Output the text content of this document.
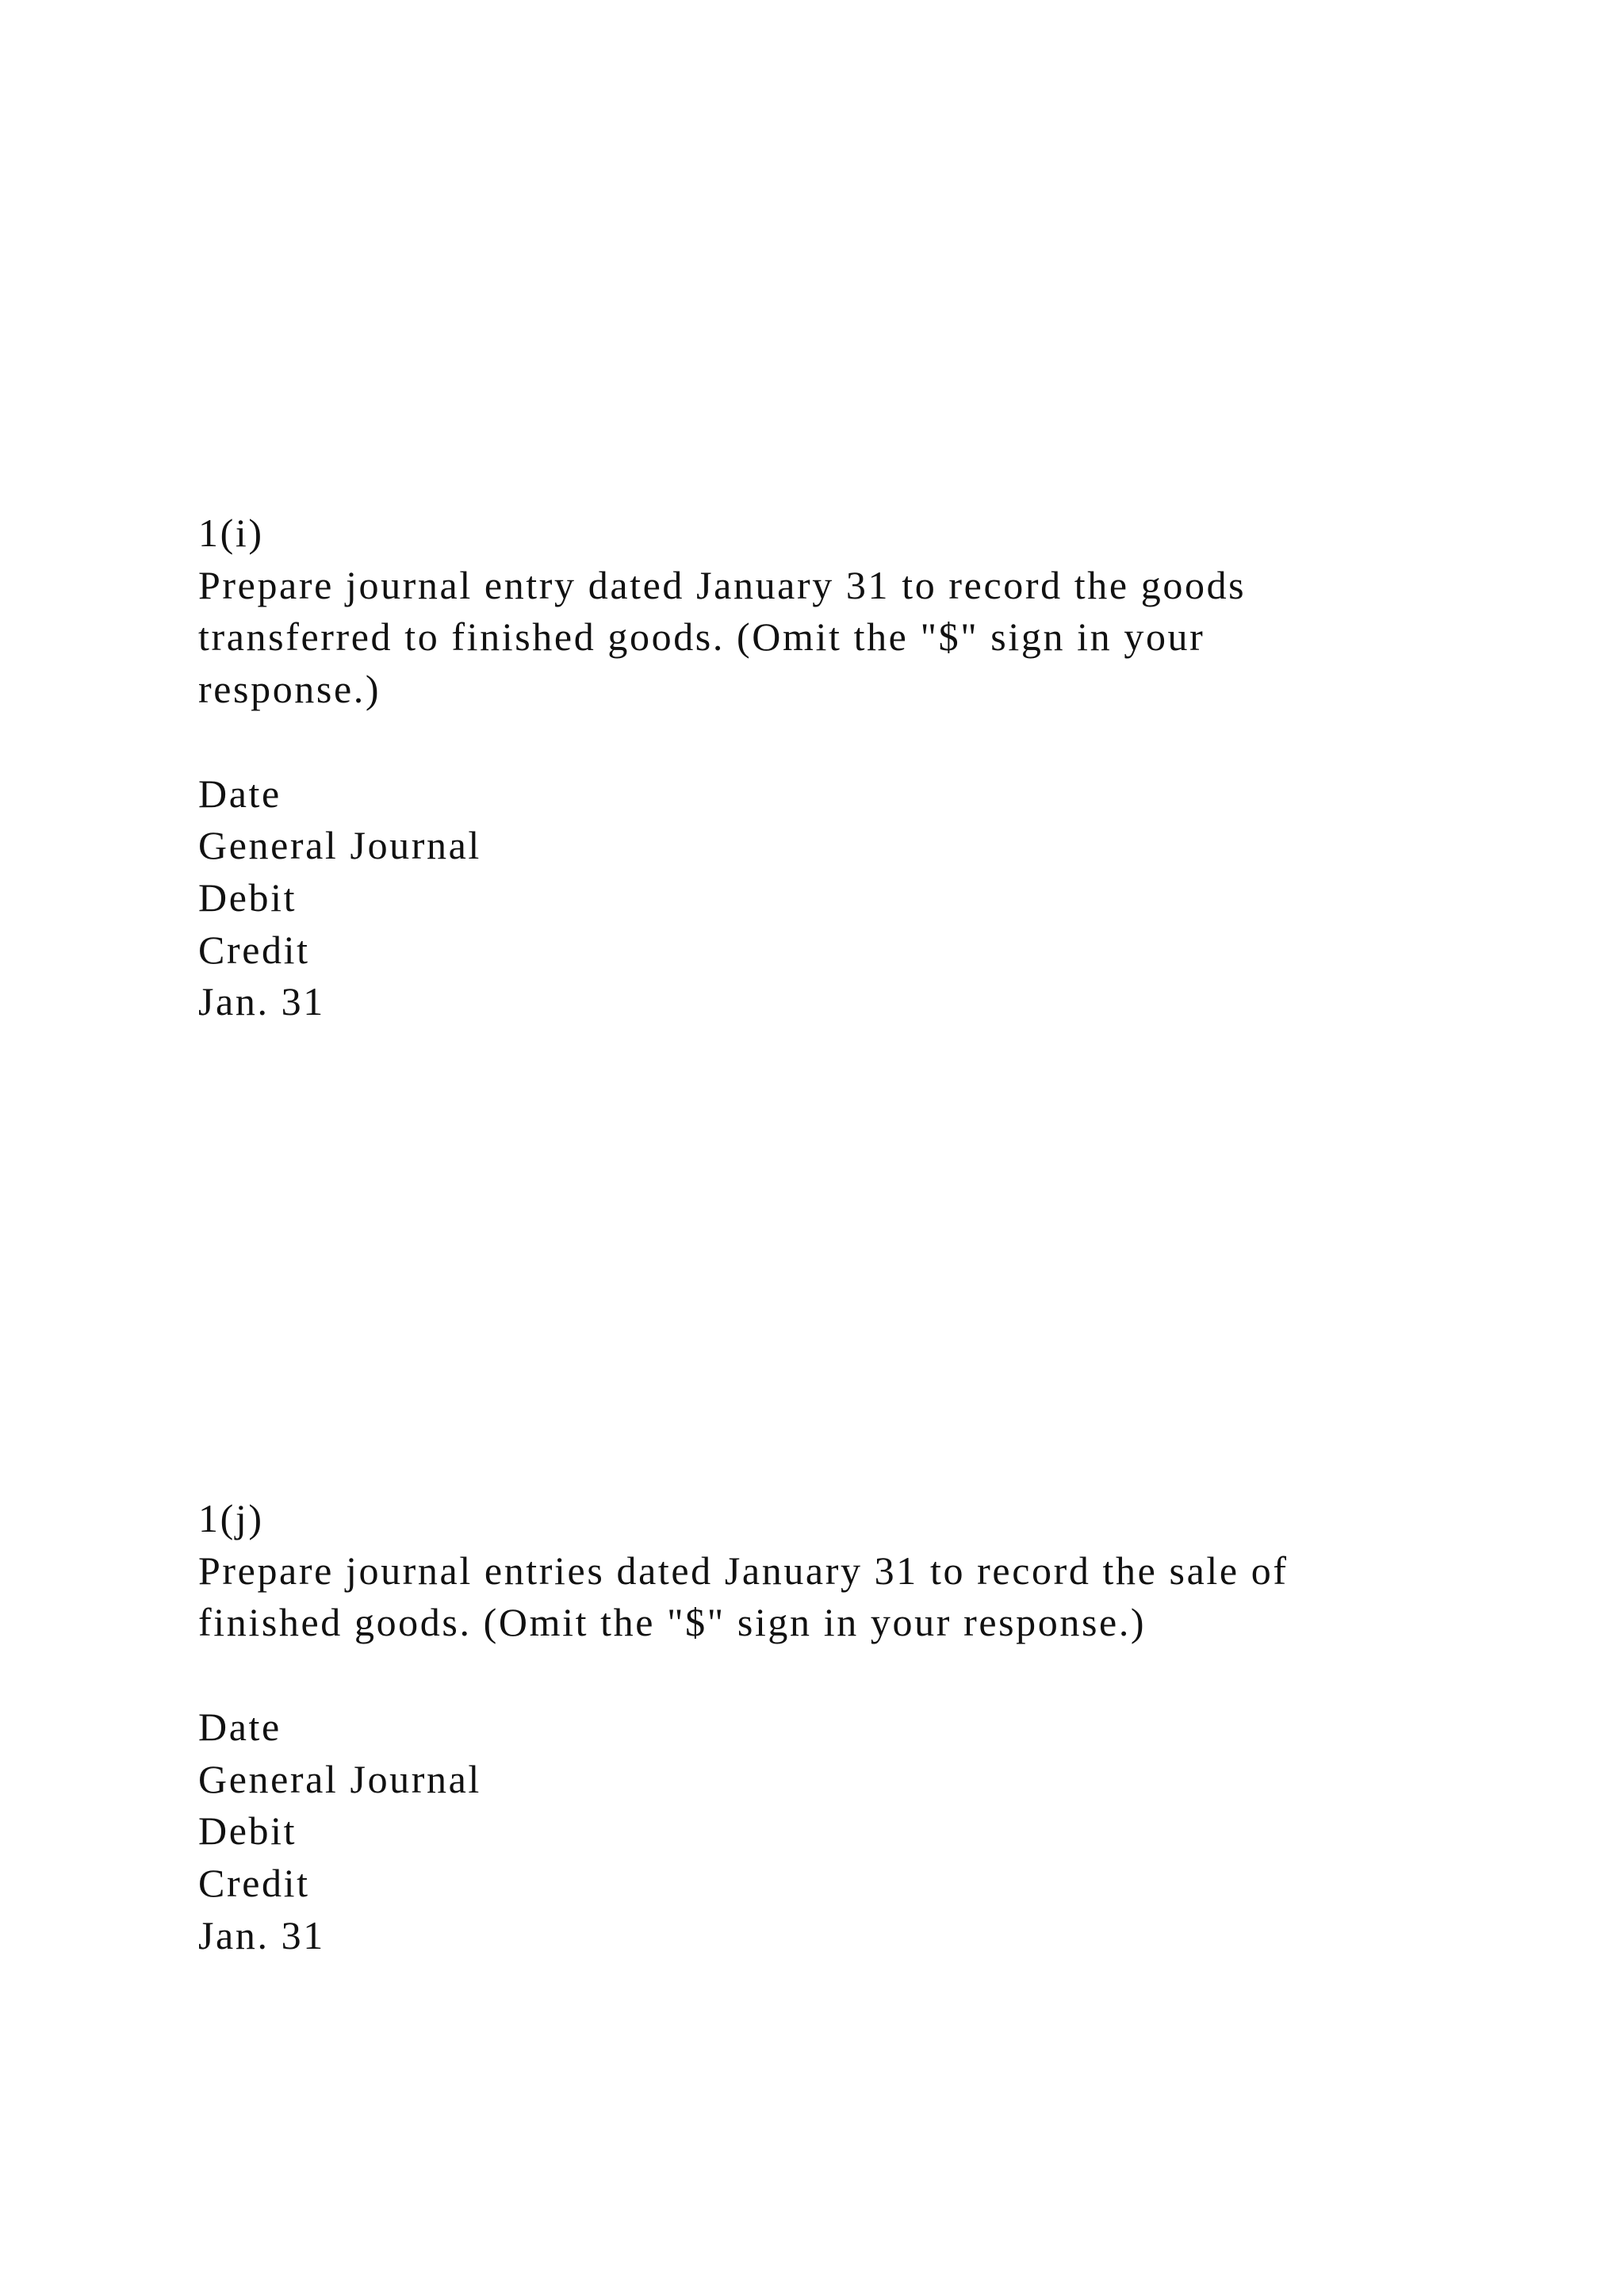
1(i)

Prepare journal entry dated January 31 to record the goods

transferred to finished goods. (Omit the "$" sign in your

response.)

Date

General Journal

Debit

Credit

Jan. 31

1(j)

Prepare journal entries dated January 31 to record the sale of

finished goods. (Omit the "$" sign in your response.)

Date

General Journal

Debit

Credit

Jan. 31
